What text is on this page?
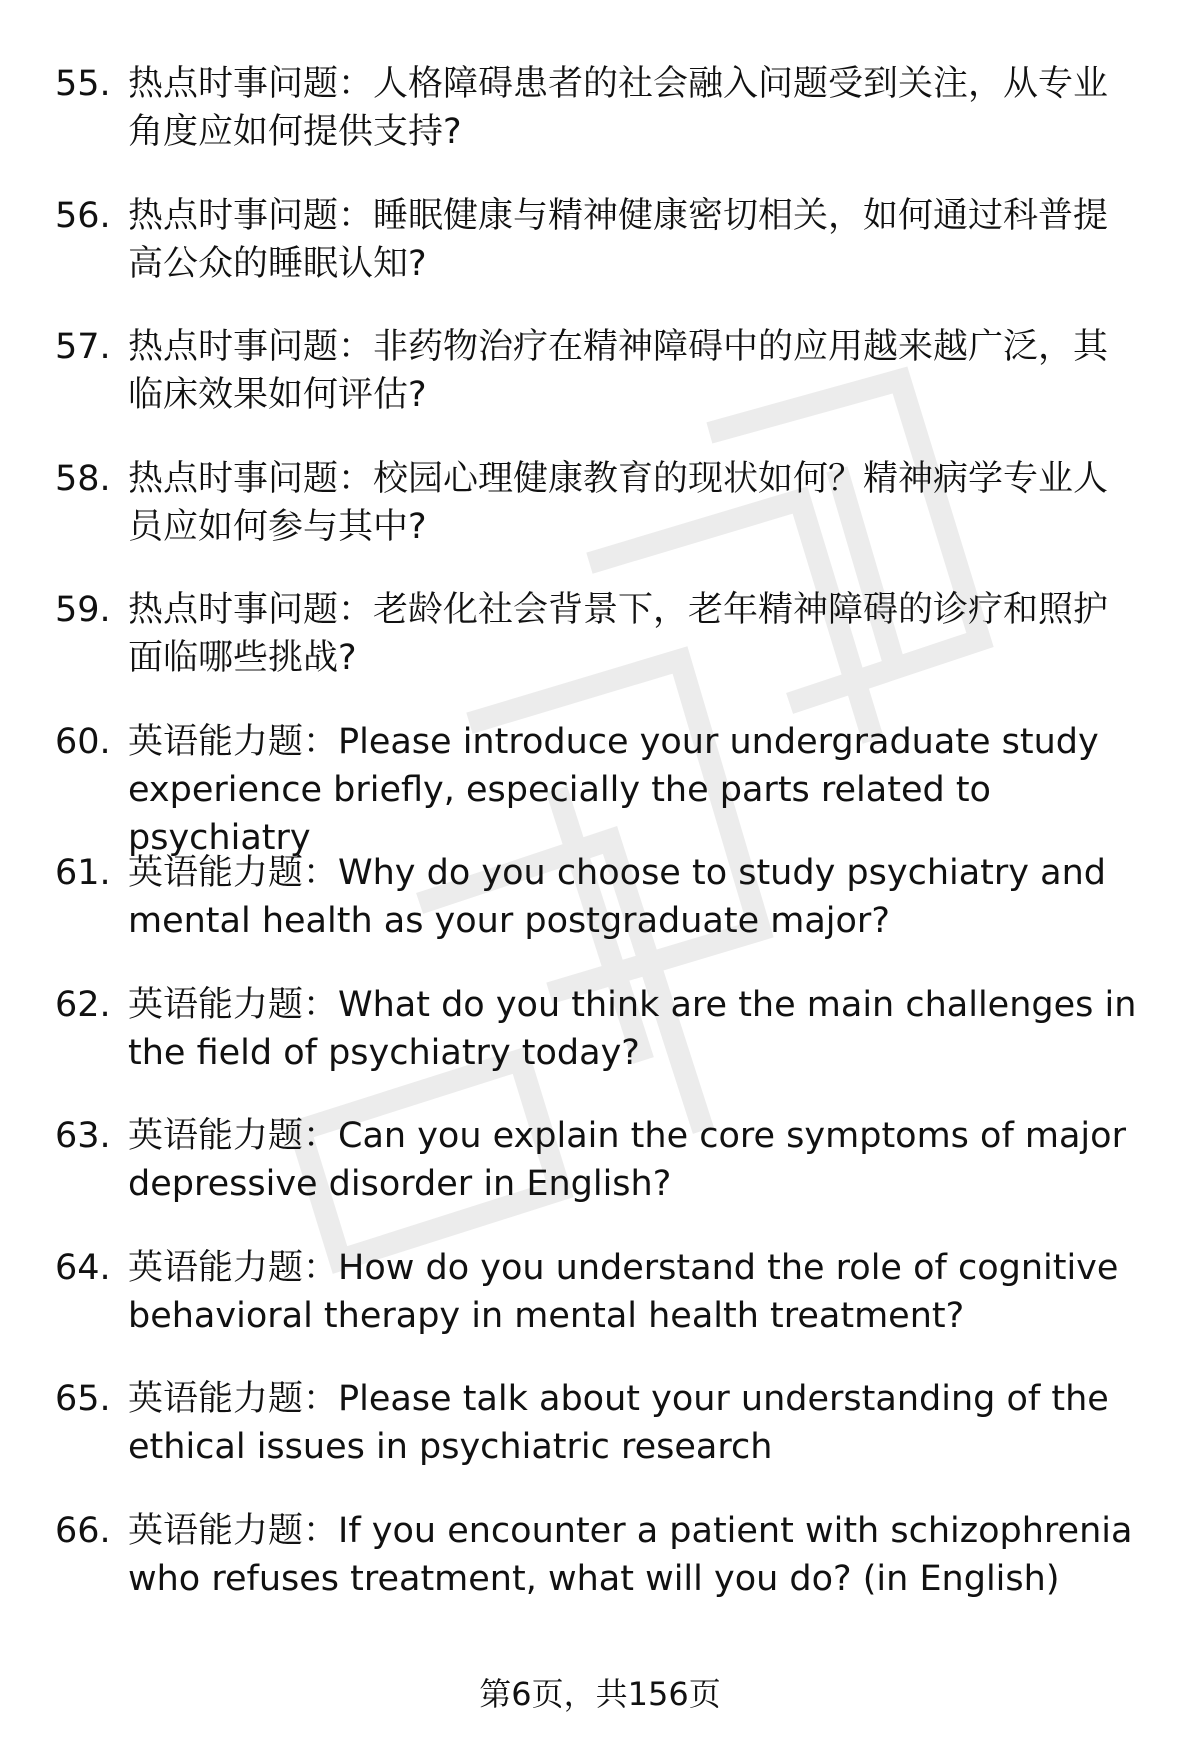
55. 热点时事问题：人格障碍患者的社会融入问题受到关注，从专业
角度应如何提供支持?
56. 热点时事问题：睡眠健康与精神健康密切相关，如何通过科普提
高公众的睡眠认知?
57. 热点时事问题：非药物治疗在精神障碍中的应用越来越广泛，其
临床效果如何评估?
58. 热点时事问题：校园心理健康教育的现状如何？精神病学专业人
员应如何参与其中?
59. 热点时事问题：老龄化社会背景下，老年精神障碍的诊疗和照护
面临哪些挑战?
60. 英语能力题：Please introduce your undergraduate study
experience briefly, especially the parts related to psychiatry
61. 英语能力题：Why do you choose to study psychiatry and
mental health as your postgraduate major?
62. 英语能力题：What do you think are the main challenges in
the field of psychiatry today?
63. 英语能力题：Can you explain the core symptoms of major
depressive disorder in English?
64. 英语能力题：How do you understand the role of cognitive
behavioral therapy in mental health treatment?
65. 英语能力题：Please talk about your understanding of the
ethical issues in psychiatric research
66. 英语能力题：If you encounter a patient with schizophrenia
who refuses treatment, what will you do? (in English)
第6页，共156页
